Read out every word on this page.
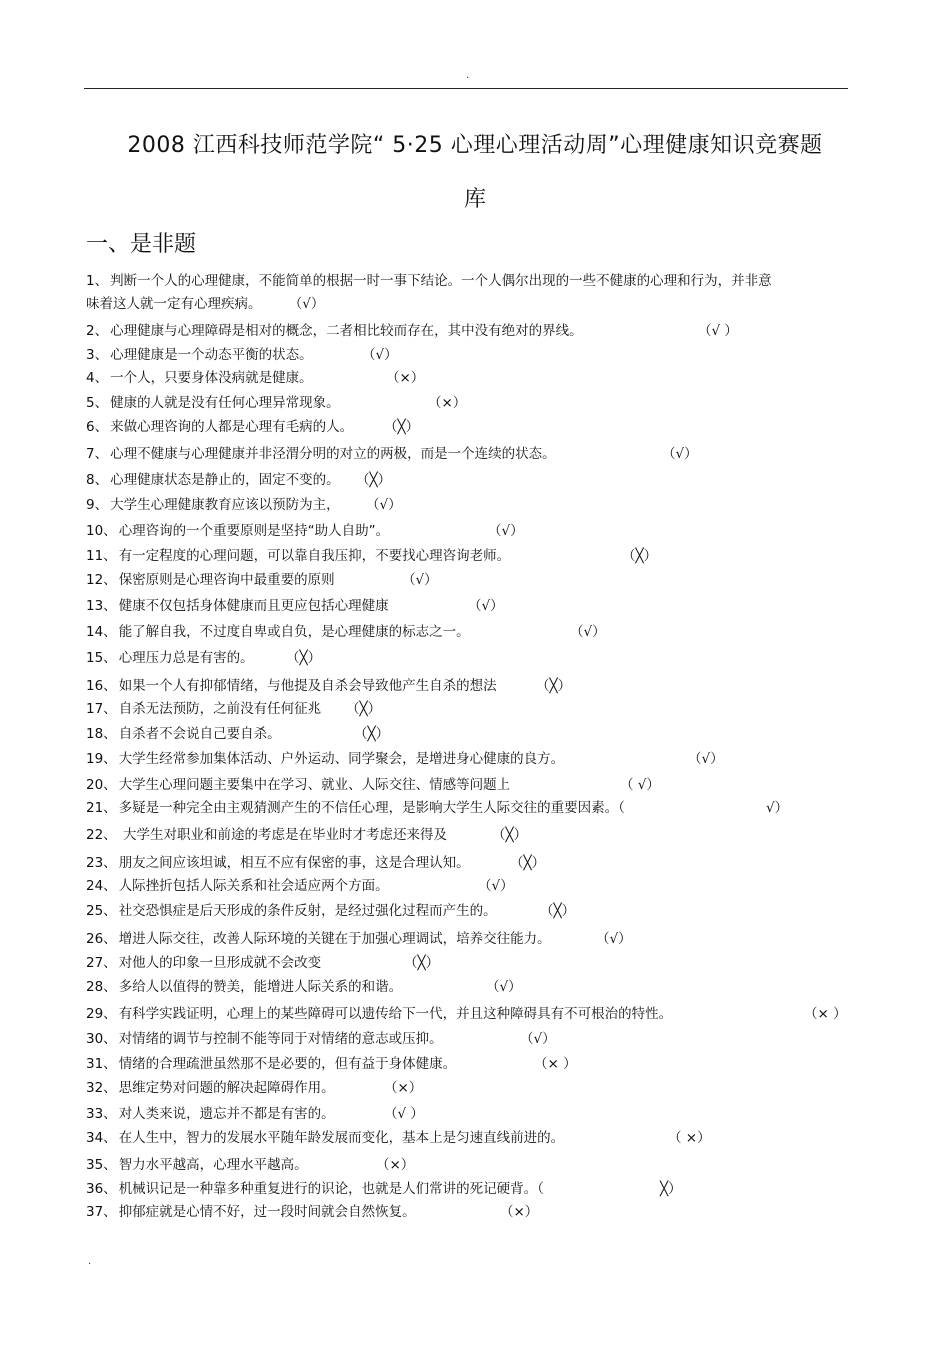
.
2008 江西科技师范学院“ 5·25 心理心理活动周”心理健康知识竞赛题
库
一、是非题
1、 判断一个人的心理健康，不能简单的根据一时一事下结论。一个人偶尔出现的一些不健康的心理和行为，并非意味着这人就一定有心理疾病。	（√）
2、 心理健康与心理障碍是相对的概念，二者相比较而存在，其中没有绝对的界线。	（√ ）
3、 心理健康是一个动态平衡的状态。	（√）
4、 一个人，只要身体没病就是健康。	（×）
5、 健康的人就是没有任何心理异常现象。	（×）
6、 来做心理咨询的人都是心理有毛病的人。 （╳）
7、 心理不健康与心理健康并非泾渭分明的对立的两极，而是一个连续的状态。	（√）
8、 心理健康状态是静止的，固定不变的。 （╳）
9、 大学生心理健康教育应该以预防为主， （√）
10、 心理咨询的一个重要原则是坚持“助人自助”。	（√）
11、 有一定程度的心理问题，可以靠自我压抑，不要找心理咨询老师。	（╳）
12、 保密原则是心理咨询中最重要的原则	（√）
13、 健康不仅包括身体健康而且更应包括心理健康	（√）
14、 能了解自我，不过度自卑或自负，是心理健康的标志之一。	（√）
15、 心理压力总是有害的。 （╳）
16、 如果一个人有抑郁情绪，与他提及自杀会导致他产生自杀的想法	（╳）
17、 自杀无法预防，之前没有任何征兆 （╳）
18、 自杀者不会说自己要自杀。	（╳）
19、 大学生经常参加集体活动、户外运动、同学聚会，是增进身心健康的良方。	（√）
20、 大学生心理问题主要集中在学习、就业、人际交往、情感等问题上	（ √）
21、 多疑是一种完全由主观猜测产生的不信任心理，是影响大学生人际交往的重要因素。（	√）
22、 大学生对职业和前途的考虑是在毕业时才考虑还来得及	（╳）
23、 朋友之间应该坦诚，相互不应有保密的事，这是合理认知。	（╳）
24、 人际挫折包括人际关系和社会适应两个方面。	（√）
25、 社交恐惧症是后天形成的条件反射，是经过强化过程而产生的。	（╳）
26、 增进人际交往，改善人际环境的关键在于加强心理调试，培养交往能力。	（√）
27、 对他人的印象一旦形成就不会改变	（╳）
28、 多给人以值得的赞美，能增进人际关系的和谐。	（√）
29、 有科学实践证明，心理上的某些障碍可以遗传给下一代，并且这种障碍具有不可根治的特性。	（× ）
30、 对情绪的调节与控制不能等同于对情绪的意志或压抑。	（√）
31、 情绪的合理疏泄虽然那不是必要的，但有益于身体健康。	（× ）
32、 思维定势对问题的解决起障碍作用。	（×）
33、 对人类来说，遗忘并不都是有害的。	（√ ）
34、 在人生中，智力的发展水平随年龄发展而变化，基本上是匀速直线前进的。	（ ×）
35、 智力水平越高，心理水平越高。	（×）
36、 机械识记是一种靠多种重复进行的识论，也就是人们常讲的死记硬背。（	╳）
37、 抑郁症就是心情不好，过一段时间就会自然恢复。	（×）
.
